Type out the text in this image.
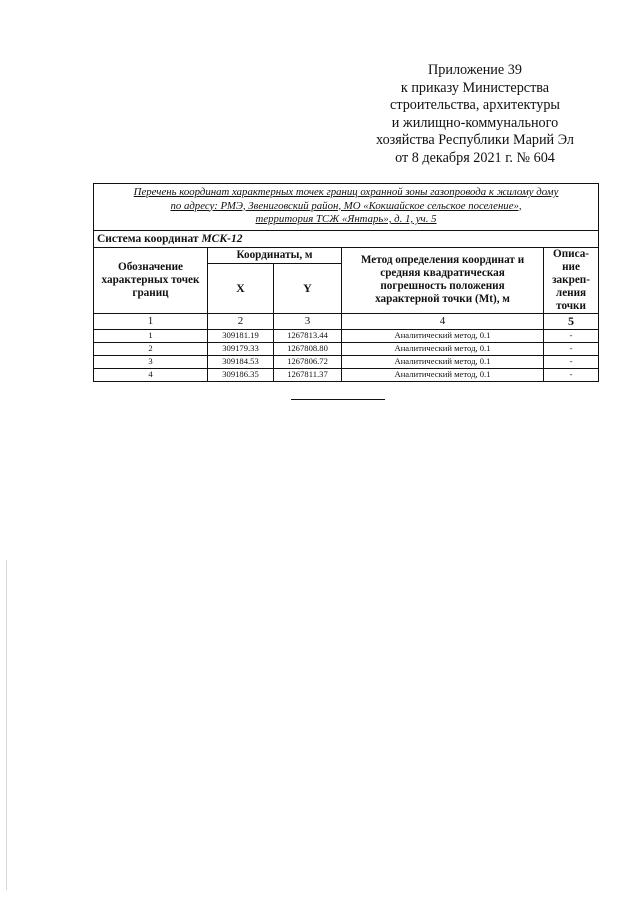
Приложение 39
к приказу Министерства
строительства, архитектуры
и жилищно-коммунального
хозяйства Республики Марий Эл
от 8 декабря 2021 г. № 604
Перечень координат характерных точек границ охранной зоны газопровода к жилому дому
по адресу: РМЭ, Звениговский район, МО «Кокшайское сельское поселение»,
территория ТСЖ «Янтарь», д. 1, уч. 5				

Система координат МСК-12				
Обозначение характерных точек границ	Координаты, м		Метод определения координат и средняя квадратическая погрешность положения характерной точки (Mt), м	Описа-ние закреп-ления точки
	X	Y		
1	2	3	4	5
1	309181.19	1267813.44	Аналитический метод, 0.1	-
2	309179.33	1267808.80	Аналитический метод, 0.1	-
3	309184.53	1267806.72	Аналитический метод, 0.1	-
4	309186.35	1267811.37	Аналитический метод, 0.1	-
